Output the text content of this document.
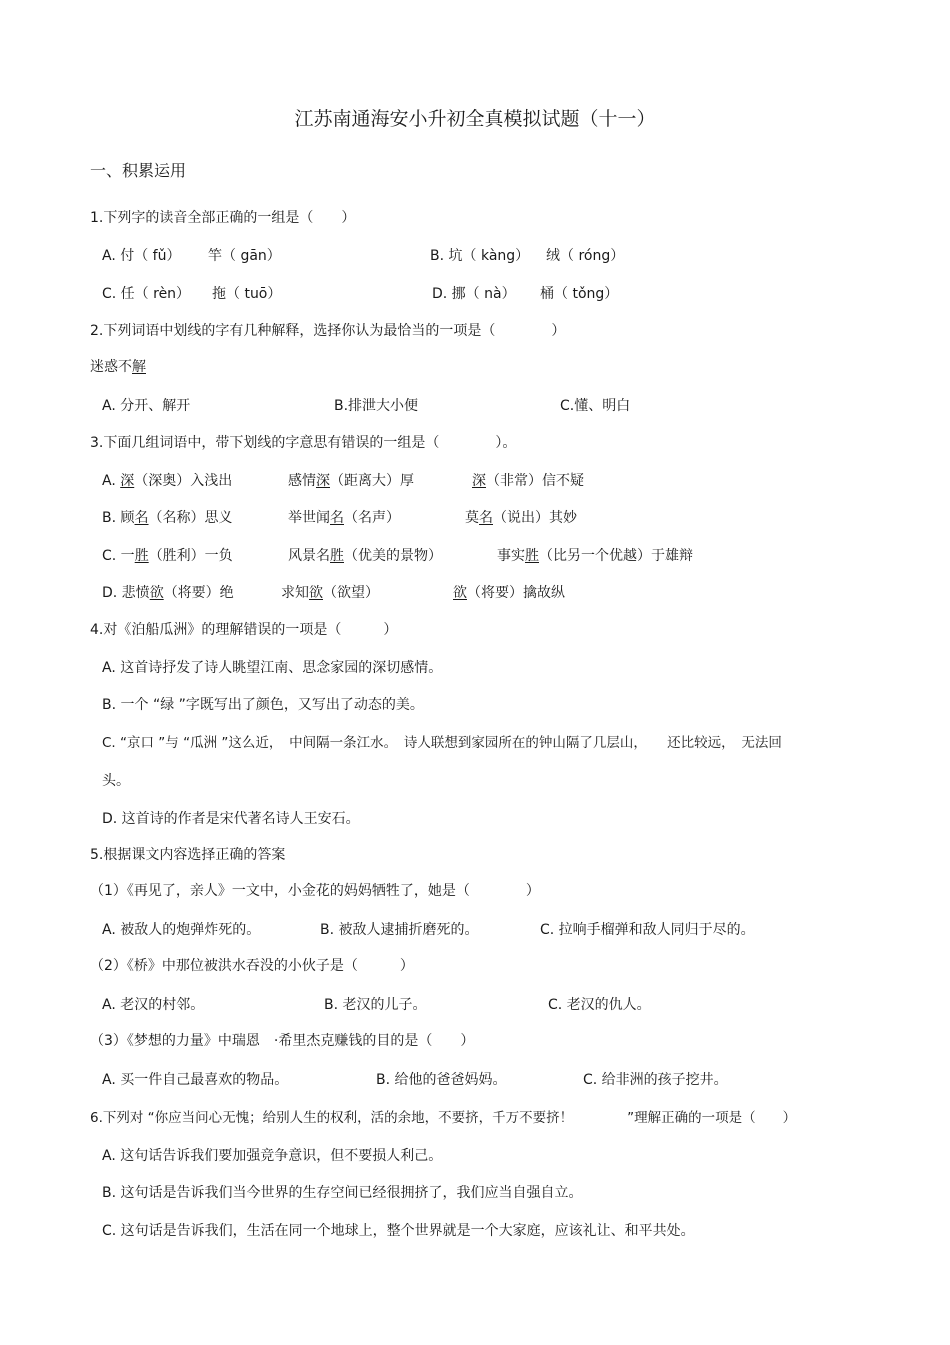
江苏南通海安小升初全真模拟试题（十一）
一、积累运用
1.下列字的读音全部正确的一组是（　　）
A. 付（ fǔ） 竿（ gān）	B. 坑（ kàng） 绒（ róng）
C. 任（ rèn） 拖（ tuō）	D. 挪（ nà） 桶（ tǒng）
2.下列词语中划线的字有几种解释，选择你认为最恰当的一项是（　　　　）
迷惑不解
A. 分开、解开	B.排泄大小便	C.懂、明白
3.下面几组词语中，带下划线的字意思有错误的一组是（　　　　）。
A. 深（深奥）入浅出	感情深（距离大）厚	深（非常）信不疑
B. 顾名（名称）思义	举世闻名（名声）	莫名（说出）其妙
C. 一胜（胜利）一负	风景名胜（优美的景物）	事实胜（比另一个优越）于雄辩
D. 悲愤欲（将要）绝	求知欲（欲望）	欲（将要）擒故纵
4.对《泊船瓜洲》的理解错误的一项是（　　　）
A. 这首诗抒发了诗人眺望江南、思念家园的深切感情。
B. 一个 “绿 ”字既写出了颜色，又写出了动态的美。
C. “京口 ”与 “瓜洲 ”这么近，　中间隔一条江水。　诗人联想到家园所在的钟山隔了几层山，　　还比较远，　无法回
头。
D. 这首诗的作者是宋代著名诗人王安石。
5.根据课文内容选择正确的答案
（1）《再见了，亲人》一文中，小金花的妈妈牺牲了，她是（　　　　）
A. 被敌人的炮弹炸死的。	B. 被敌人逮捕折磨死的。	C. 拉响手榴弹和敌人同归于尽的。
（2）《桥》中那位被洪水吞没的小伙子是（　　　）
A. 老汉的村邻。	B. 老汉的儿子。	C. 老汉的仇人。
（3）《梦想的力量》中瑞恩　·希里杰克赚钱的目的是（　　）
A. 买一件自己最喜欢的物品。	B. 给他的爸爸妈妈。	C. 给非洲的孩子挖井。
6.下列对 “你应当问心无愧；给别人生的权利，活的余地，不要挤，千万不要挤！　　　　”理解正确的一项是（　　）
A. 这句话告诉我们要加强竞争意识，但不要损人利己。
B. 这句话是告诉我们当今世界的生存空间已经很拥挤了，我们应当自强自立。
C. 这句话是告诉我们，生活在同一个地球上，整个世界就是一个大家庭，应该礼让、和平共处。
